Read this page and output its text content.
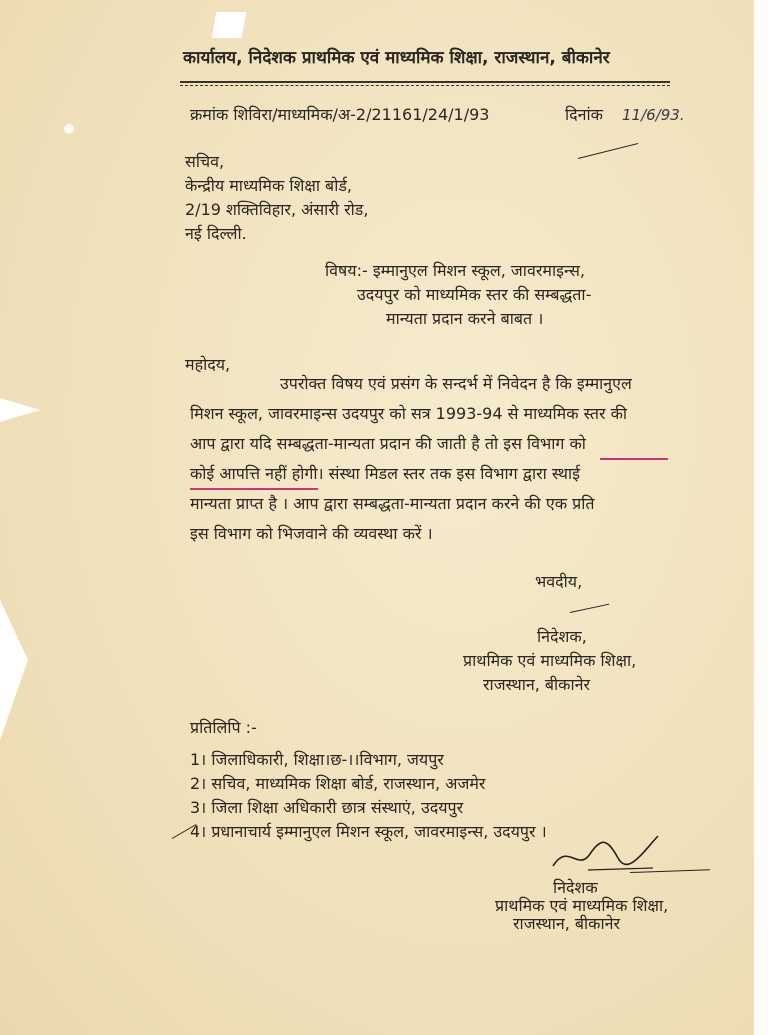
कार्यालय, निदेशक प्राथमिक एवं माध्यमिक शिक्षा, राजस्थान, बीकानेर
क्रमांक शिविरा/माध्यमिक/अ-2/21161/24/1/93	दिनांक 11/6/93.
सचिव,
केन्द्रीय माध्यमिक शिक्षा बोर्ड,
2/19 शक्तिविहार, अंसारी रोड,
नई दिल्ली.
विषय:- इम्मानुएल मिशन स्कूल, जावरमाइन्स,
उदयपुर को माध्यमिक स्तर की सम्बद्धता-
मान्यता प्रदान करने बाबत ।
महोदय,
उपरोक्त विषय एवं प्रसंग के सन्दर्भ में निवेदन है कि इम्मानुएल
मिशन स्कूल, जावरमाइन्स उदयपुर को सत्र 1993-94 से माध्यमिक स्तर की
आप द्वारा यदि सम्बद्धता-मान्यता प्रदान की जाती है तो इस विभाग को
कोई आपत्ति नहीं होगी। संस्था मिडल स्तर तक इस विभाग द्वारा स्थाई
मान्यता प्राप्त है । आप द्वारा सम्बद्धता-मान्यता प्रदान करने की एक प्रति
इस विभाग को भिजवाने की व्यवस्था करें ।
भवदीय,
निदेशक,
प्राथमिक एवं माध्यमिक शिक्षा,
राजस्थान, बीकानेर
प्रतिलिपि :-
1। जिलाधिकारी, शिक्षा।छ-।।विभाग, जयपुर
2। सचिव, माध्यमिक शिक्षा बोर्ड, राजस्थान, अजमेर
3। जिला शिक्षा अधिकारी छात्र संस्थाएं, उदयपुर
4। प्रधानाचार्य इम्मानुएल मिशन स्कूल, जावरमाइन्स, उदयपुर ।
निदेशक
प्राथमिक एवं माध्यमिक शिक्षा,
राजस्थान, बीकानेर
